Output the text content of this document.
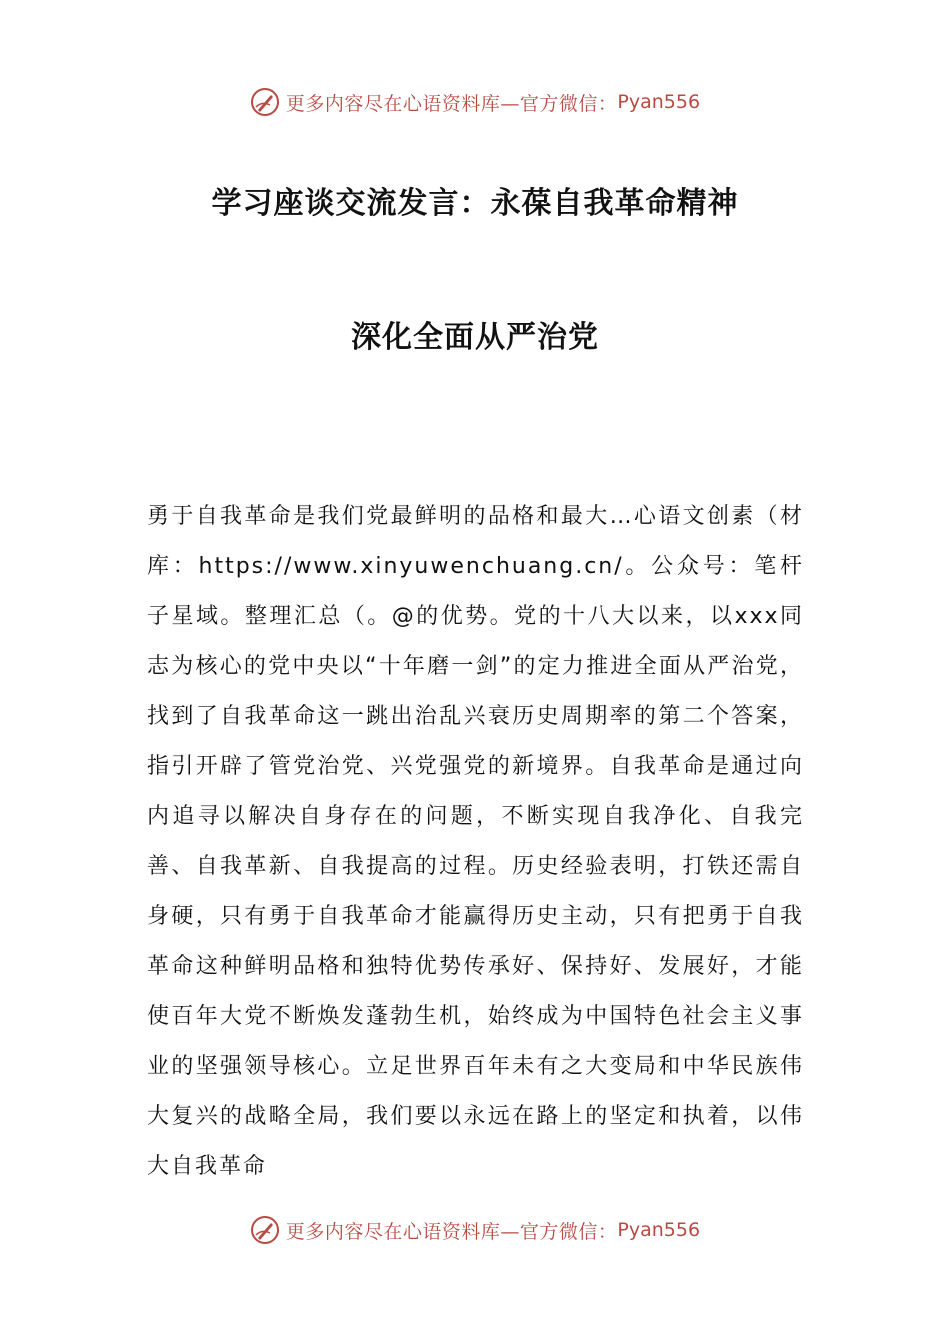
更多内容尽在心语资料库—官方微信： Pyan556
学习座谈交流发言：永葆自我革命精神
深化全面从严治党

勇于自我革命是我们党最鲜明的品格和最大…心语文创素（材库：https://www.xinyuwenchuang.cn/。公众号：笔杆子星域。整理汇总（。@的优势。党的十八大以来，以xxx同志为核心的党中央以“十年磨一剑”的定力推进全面从严治党，找到了自我革命这一跳出治乱兴衰历史周期率的第二个答案，指引开辟了管党治党、兴党强党的新境界。自我革命是通过向内追寻以解决自身存在的问题，不断实现自我净化、自我完善、自我革新、自我提高的过程。历史经验表明，打铁还需自身硬，只有勇于自我革命才能赢得历史主动，只有把勇于自我革命这种鲜明品格和独特优势传承好、保持好、发展好，才能使百年大党不断焕发蓬勃生机，始终成为中国特色社会主义事业的坚强领导核心。立足世界百年未有之大变局和中华民族伟大复兴的战略全局，我们要以永远在路上的坚定和执着，以伟大自我革命

更多内容尽在心语资料库—官方微信： Pyan556
